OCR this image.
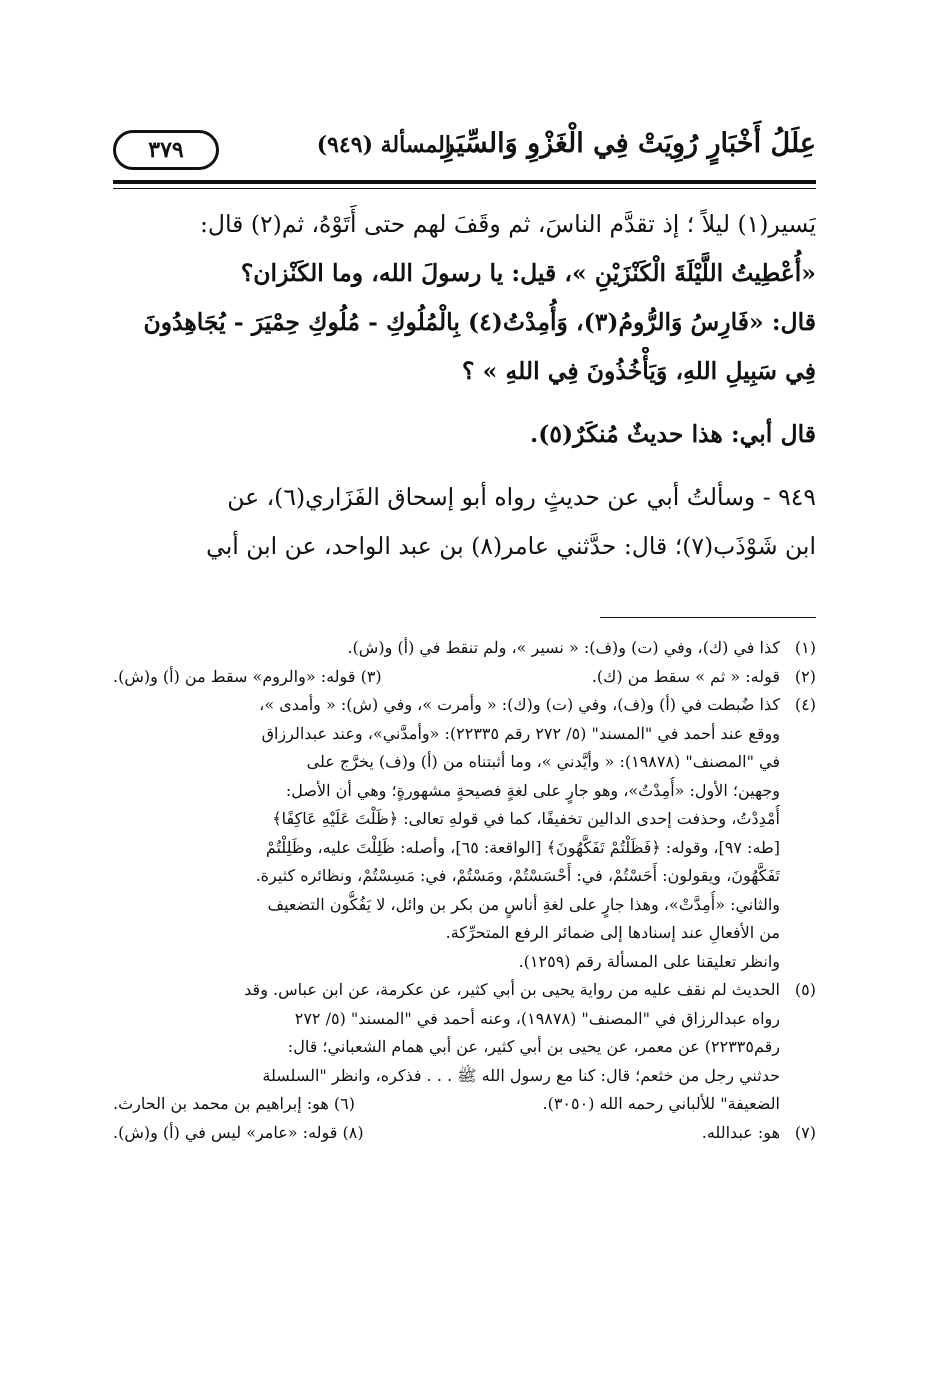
عِلَلُ أَخْبَارٍ رُوِيَتْ فِي الْغَزْوِ وَالسِّيَرِ
المسألة (٩٤٩)
٣٧٩

يَسير(١) ليلاً ؛ إذ تقدَّم الناسَ، ثم وقَفَ لهم حتى أَتَوْهُ، ثم(٢) قال:

«أُعْطِيتُ اللَّيْلَةَ الْكَنْزَيْنِ »، قيل: يا رسولَ الله، وما الكَنْزان؟

قال: «فَارِسُ وَالرُّومُ(٣)، وَأُمِدْتُ(٤) بِالْمُلُوكِ - مُلُوكِ حِمْيَرَ - يُجَاهِدُونَ

فِي سَبِيلِ اللهِ، وَيَأْخُذُونَ فِي اللهِ » ؟

قال أبي: هذا حديثٌ مُنكَرٌ(٥).

٩٤٩ - وسألتُ أبي عن حديثٍ رواه أبو إسحاق الفَزَاري(٦)، عن

ابن شَوْذَب(٧)؛ قال: حدَّثني عامر(٨) بن عبد الواحد، عن ابن أبي

(١)
كذا في (ك)، وفي (ت) و(ف): « نسير »، ولم تنقط في (أ) و(ش).
(٢)
قوله: « ثم » سقط من (ك).
(٣) قوله: «والروم» سقط من (أ) و(ش).
(٤)
كذا ضُبطت في (أ) و(ف)، وفي (ت) و(ك): « وأمرت »، وفي (ش): « وأمدى »،
ووقع عند أحمد في "المسند" (٥/ ٢٧٢ رقم ٢٢٣٣٥): «وأمدَّني»، وعند عبدالرزاق
في "المصنف" (١٩٨٧٨): « وأيَّدني »، وما أثبتناه من (أ) و(ف) يخرَّج على
وجهين؛ الأول: «أُمِدْتُ»، وهو جارٍ على لغةٍ فصيحةٍ مشهورةٍ؛ وهي أن الأصل:
أُمْدِدْتُ، وحذفت إحدى الدالين تخفيفًا، كما في قولهِ تعالى: ﴿ظَلْتَ عَلَيْهِ عَاكِفًا﴾
[طه: ٩٧]، وقوله: ﴿فَظَلْتُمْ تَفَكَّهُونَ﴾ [الواقعة: ٦٥]، وأصله: ظَلِلْتَ عليه، وظَلِلْتُمْ
تَفَكَّهُونَ، ويقولون: أَحَسْتُمْ، في: أَحْسَسْتُمْ، ومَسْتُمْ، في: مَسِسْتُمْ، ونظائره كثيرة.
والثاني: «أُمِدَّتْ»، وهذا جارٍ على لغةِ أناسٍ من بكر بن وائل، لا يَفُكُّون التضعيف
من الأفعالِ عند إسنادها إلى ضمائر الرفع المتحرِّكة.
وانظر تعليقنا على المسألة رقم (١٢٥٩).
(٥)
الحديث لم نقف عليه من رواية يحيى بن أبي كثير، عن عكرمة، عن ابن عباس. وقد
رواه عبدالرزاق في "المصنف" (١٩٨٧٨)، وعنه أحمد في "المسند" (٥/ ٢٧٢
رقم٢٢٣٣٥) عن معمر، عن يحيى بن أبي كثير، عن أبي همام الشعباني؛ قال:
حدثني رجل من خثعم؛ قال: كنا مع رسول الله ﷺ . . . فذكره، وانظر "السلسلة
الضعيفة" للألباني رحمه الله (٣٠٥٠).
(٦) هو: إبراهيم بن محمد بن الحارث.
(٧)
هو: عبدالله.
(٨) قوله: «عامر» ليس في (أ) و(ش).
